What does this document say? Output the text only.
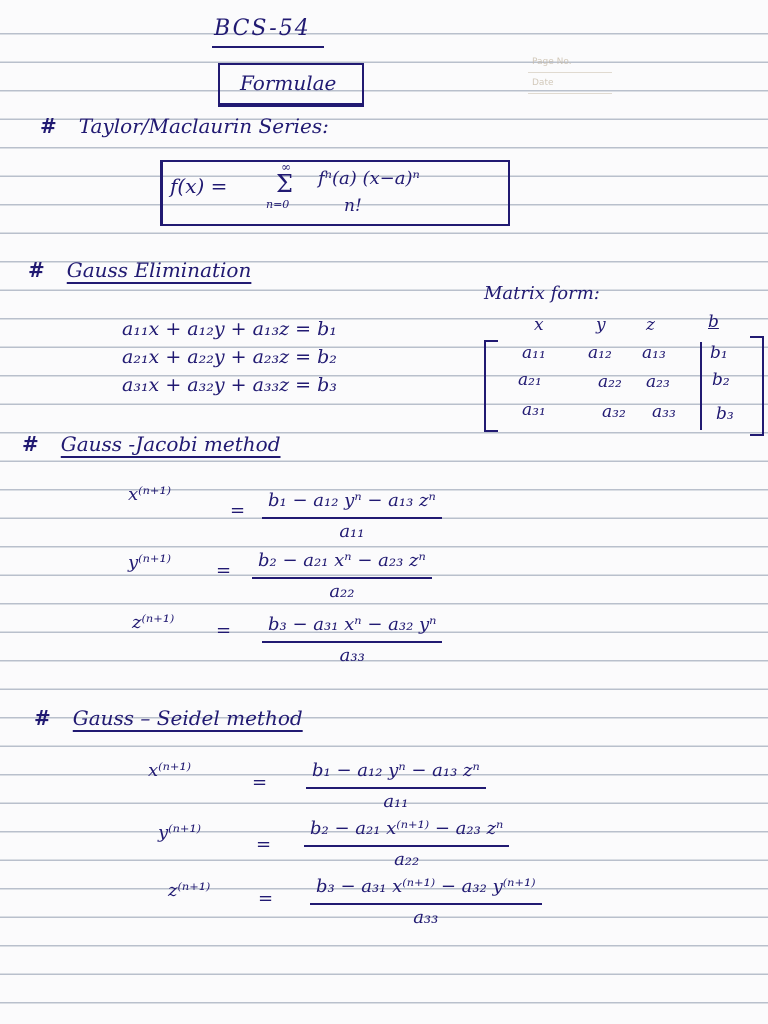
BCS-54
Formulae
Page No.
Date
# Taylor/Maclaurin Series:
f(x) =
∞
Σ
n=0
fⁿ(a) (x−a)ⁿ
n!
# Gauss Elimination
a₁₁x + a₁₂y + a₁₃z = b₁
a₂₁x + a₂₂y + a₂₃z = b₂
a₃₁x + a₃₂y + a₃₃z = b₃
Matrix form:
x	y z	b
a₁₁ a₁₂ a₁₃	b₁
a₂₁	a₂₂ a₂₃ b₂
a₃₁	a₃₂ a₃₃ b₃
# Gauss -Jacobi method
x⁽ⁿ⁺¹⁾
= $\frac{\text{b₁ − a₁₂ yⁿ − a₁₃ zⁿ}}{\text{a₁₁}}$
$y^{(n+1)} = \frac{\text{b₂ − a₂₁ xⁿ − a₂₃ zⁿ}}{\text{a₂₂}}$
$z^{(n+1)} = \frac{\text{b₃ − a₃₁ xⁿ − a₃₂ yⁿ}}{\text{a₃₃}}$
# Gauss – Seidel method
x⁽ⁿ⁺¹⁾
= $\frac{\text{b₁ − a₁₂ yⁿ − a₁₃ zⁿ}}{\text{a₁₁}}$
y⁽ⁿ⁺¹⁾
= $\frac{\text{b₂ − a₂₁ x⁽ⁿ⁺¹⁾ − a₂₃ zⁿ}}{\text{a₂₂}}$
z⁽ⁿ⁺¹⁾	= $\frac{\text{b₃ − a₃₁ x⁽ⁿ⁺¹⁾ − a₃₂ y⁽ⁿ⁺¹⁾}}{\text{a₃₃}}$
